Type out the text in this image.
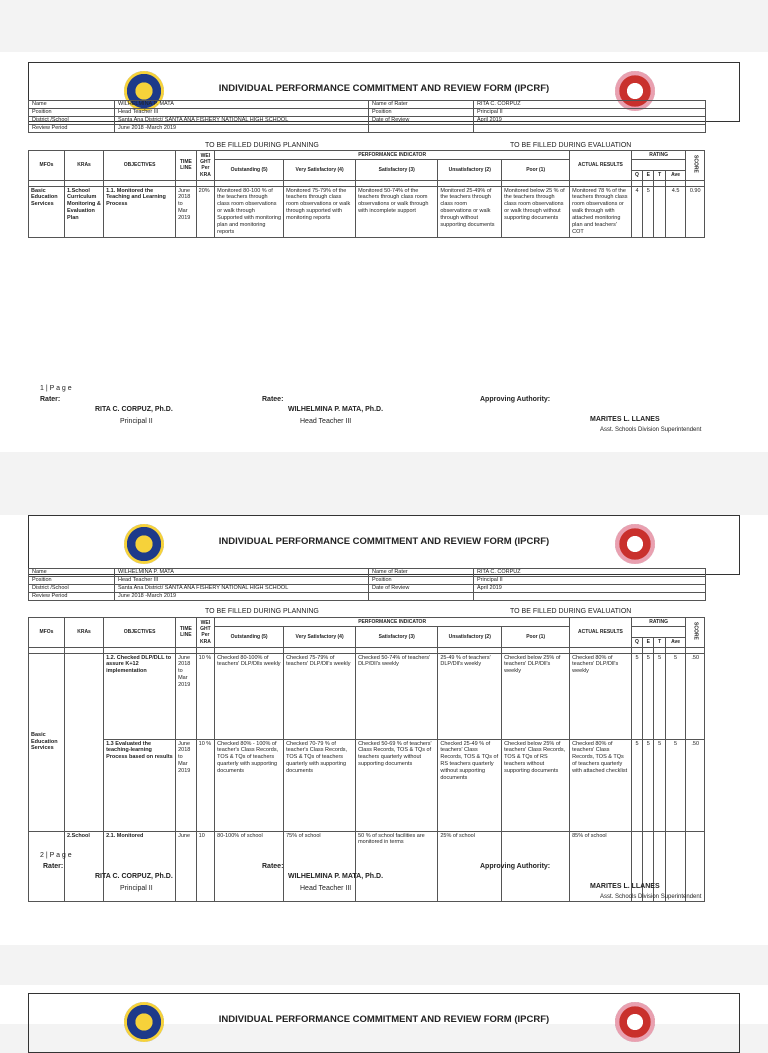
INDIVIDUAL PERFORMANCE COMMITMENT AND REVIEW FORM (IPCRF)
Name	WILHELMINA P. MATA	Name of Rater	RITA C. CORPUZ
Position	Head Teacher III	Position	Principal II
District /School	Santa Ana District/ SANTA ANA FISHERY NATIONAL HIGH SCHOOL	Date of Review	April 2019
Review Period	June 2018 -March 2019		
TO BE FILLED DURING PLANNING	TO BE FILLED DURING EVALUATION
MFOs	KRAs	OBJECTIVES	TIME LINE	WEI GHT Per KRA	PERFORMANCE INDICATOR					ACTUAL RESULTS	RATING				SCORE
					Outstanding (5)	Very Satisfactory (4)	Satisfactory (3)	Unsatisfactory (2)	Poor (1)						
											Q	E	T	Ave	

Basic Education Services	1.School Curriculum Monitoring & Evaluation Plan	1.1. Monitored the Teaching and Learning Process	June 2018 to Mar 2019	20%	Monitored 80-100 % of the teachers through class room observations or walk through Supported with monitoring plan and monitoring reports	Monitored 75-79% of the teachers through class room observations or walk through supported with monitoring reports	Monitored 50-74% of the teachers through class room observations or walk through with incomplete support	Monitored 25-49% of the teachers through class room observations or walk through without supporting documents	Monitored below 25 % of the teachers through class room observations or walk through without supporting documents	Monitored 78 % of the teachers through class room observations or walk through with attached monitoring plan and teachers' COT	4	5		4.5	0.90
1 | P a g e
Rater:	Ratee:	Approving Authority:
RITA C. CORPUZ, Ph.D.	WILHELMINA P. MATA, Ph.D.
Principal II	Head Teacher III	MARITES L. LLANES
Asst. Schools Division Superintendent
INDIVIDUAL PERFORMANCE COMMITMENT AND REVIEW FORM (IPCRF)
Name	WILHELMINA P. MATA	Name of Rater	RITA C. CORPUZ
Position	Head Teacher III	Position	Principal II
District /School	Santa Ana District/ SANTA ANA FISHERY NATIONAL HIGH SCHOOL	Date of Review	April 2019
Review Period	June 2018 -March 2019		
TO BE FILLED DURING PLANNING	TO BE FILLED DURING EVALUATION
MFOs	KRAs	OBJECTIVES	TIME LINE	WEI GHT Per KRA	PERFORMANCE INDICATOR					ACTUAL RESULTS	RATING				SCORE
					Outstanding (5)	Very Satisfactory (4)	Satisfactory (3)	Unsatisfactory (2)	Poor (1)						
											Q	E	T	Ave	

Basic Education Services		1.2. Checked DLP/DLL to assure K+12 implementation	June 2018 to Mar 2019	10 %	Checked 80-100% of teachers' DLP/Dlls weekly	Checked 75-79% of teachers' DLP/Dll's weekly	Checked 50-74% of teachers' DLP/Dll's weekly	25-49 % of teachers' DLP/Dll's weekly	Checked below 25% of teachers' DLP/Dll's weekly	Checked 80% of teachers' DLP/Dll's weekly	5	5	5	5	.50
		1.3 Evaluated the teaching-learning Process based on results	June 2018 to Mar 2019	10 %	Checked 80% - 100% of teacher's Class Records, TOS & TQs of teachers quarterly with supporting documents	Checked 70-79 % of teacher's Class Records, TOS & TQs of teachers quarterly with supporting documents	Checked 50-69 % of teachers' Class Records, TOS & TQs of teachers quarterly without supporting documents	Checked 25-49 % of teachers' Class Records, TOS & TQs of RS teachers quarterly without supporting documents	Checked below 25% of teachers' Class Records, TOS & TQs of RS teachers without supporting documents	Checked 80% of teachers' Class Records, TOS & TQs of teachers quarterly with attached checklist	5	5	5	5	.50
	2.School	2.1. Monitored	June	10	80-100% of school	75% of school	50 % of school facilities are monitored in terms	25% of school		85% of school					
2 | P a g e
Rater:	Ratee:	Approving Authority:
RITA C. CORPUZ, Ph.D.	WILHELMINA P. MATA, Ph.D.
Principal II	Head Teacher III	MARITES L. LLANES
Asst. Schools Division Superintendent
INDIVIDUAL PERFORMANCE COMMITMENT AND REVIEW FORM (IPCRF)
